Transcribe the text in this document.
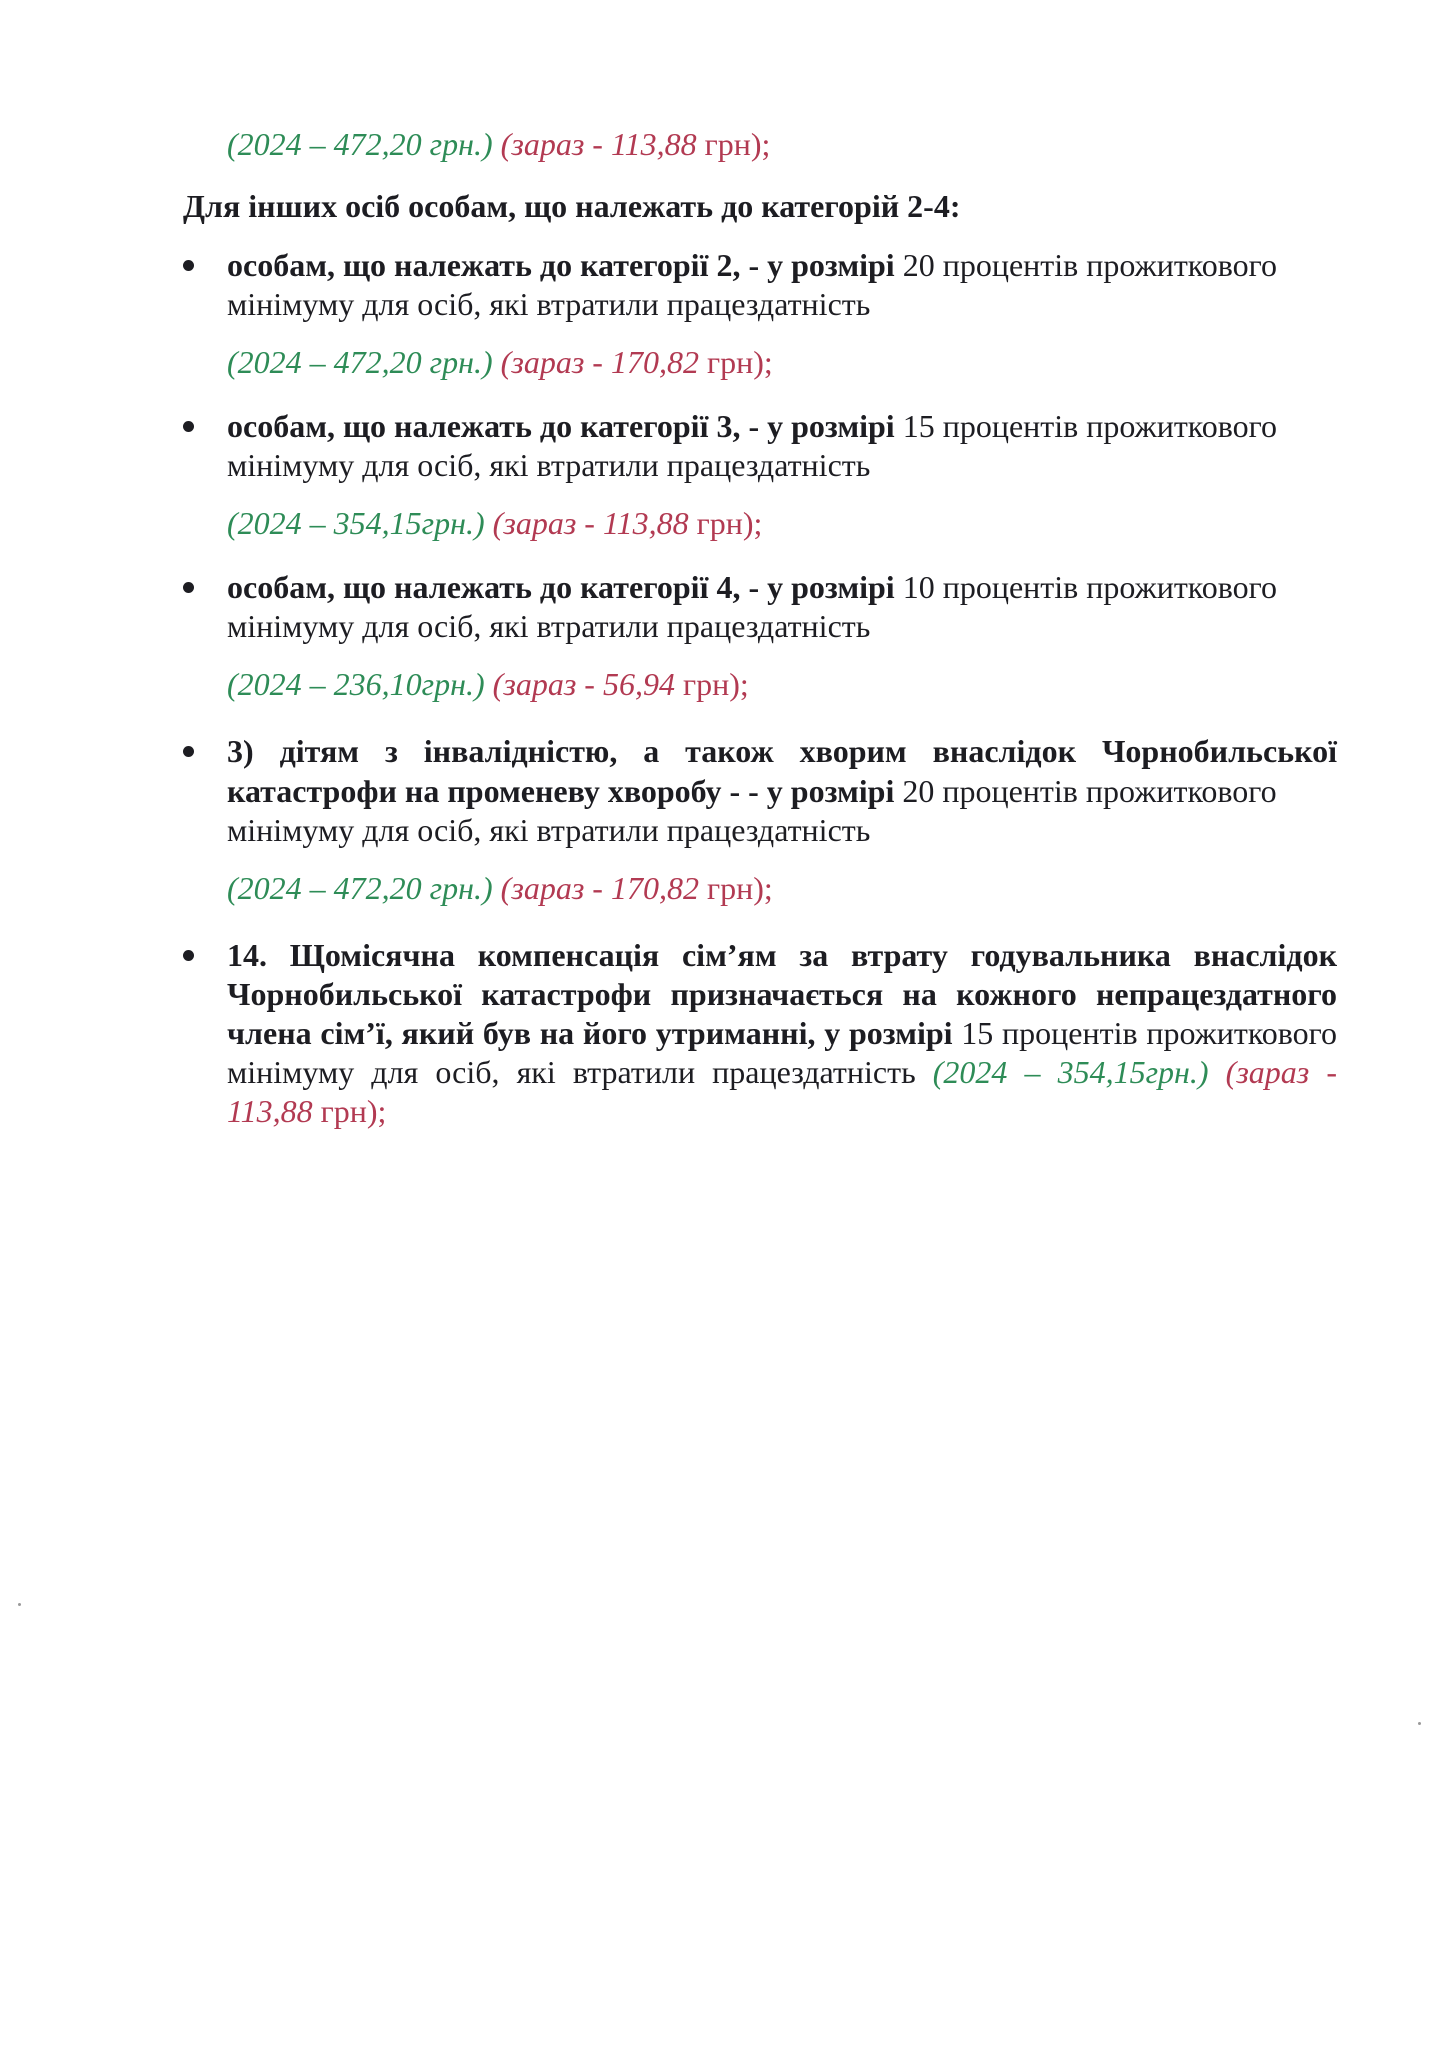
(2024 – 472,20 грн.) (зараз - 113,88 грн);
Для інших осіб особам, що належать до категорій 2-4:
особам, що належать до категорії 2, - у розмірі 20 процентів прожиткового
мінімуму для осіб, які втратили працездатність
(2024 – 472,20 грн.) (зараз - 170,82 грн);
особам, що належать до категорії 3, - у розмірі 15 процентів прожиткового
мінімуму для осіб, які втратили працездатність
(2024 – 354,15грн.) (зараз - 113,88 грн);
особам, що належать до категорії 4, - у розмірі 10 процентів прожиткового
мінімуму для осіб, які втратили працездатність
(2024 – 236,10грн.) (зараз - 56,94 грн);
3) дітям з інвалідністю, а також хворим внаслідок Чорнобильської
катастрофи на променеву хворобу - - у розмірі 20 процентів прожиткового
мінімуму для осіб, які втратили працездатність
(2024 – 472,20 грн.) (зараз - 170,82 грн);
14. Щомісячна компенсація сім’ям за втрату годувальника внаслідок Чорнобильської катастрофи призначається на кожного непрацездатного члена сім’ї, який був на його утриманні, у розмірі 15 процентів прожиткового мінімуму для осіб, які втратили працездатність (2024 – 354,15грн.) (зараз - 113,88 грн);
